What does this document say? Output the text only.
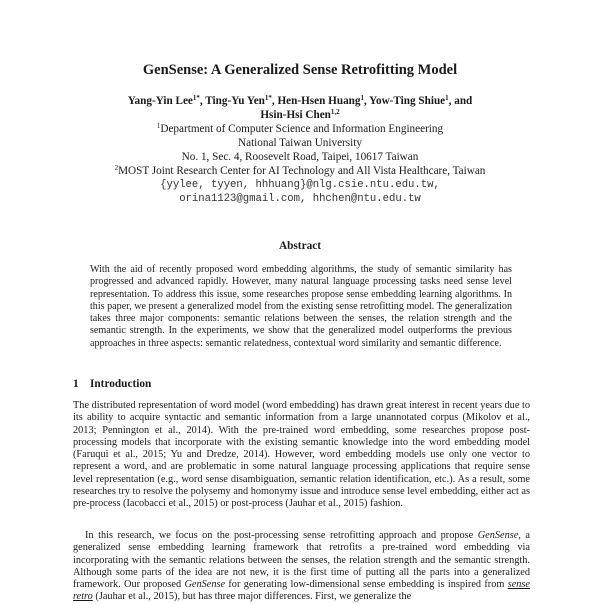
GenSense: A Generalized Sense Retrofitting Model
Yang-Yin Lee$^{1*}$, Ting-Yu Yen$^{1*}$, Hen-Hsen Huang$^1$, Yow-Ting Shiue$^1$, and
Hsin-Hsi Chen$^{1,2}$
$^1$Department of Computer Science and Information Engineering
National Taiwan University
No. 1, Sec. 4, Roosevelt Road, Taipei, 10617 Taiwan
$^2$MOST Joint Research Center for AI Technology and All Vista Healthcare, Taiwan
{yylee, tyyen, hhhuang}@nlg.csie.ntu.edu.tw,
orina1123@gmail.com, hhchen@ntu.edu.tw
Abstract

With the aid of recently proposed word embedding algorithms, the study of semantic similarity has progressed and advanced rapidly. However, many natural language processing tasks need sense level representation. To address this issue, some researches propose sense embedding learning algorithms. In this paper, we present a generalized model from the existing sense retrofitting model. The generalization takes three major components: semantic relations between the senses, the relation strength and the semantic strength. In the experiments, we show that the generalized model outperforms the previous approaches in three aspects: semantic relatedness, contextual word similarity and semantic difference.

1 Introduction

The distributed representation of word model (word embedding) has drawn great interest in recent years due to its ability to acquire syntactic and semantic information from a large unannotated corpus (Mikolov et al., 2013; Pennington et al., 2014). With the pre-trained word embedding, some researches propose post-processing models that incorporate with the existing semantic knowledge into the word embedding model (Faruqui et al., 2015; Yu and Dredze, 2014). However, word embedding models use only one vector to represent a word, and are problematic in some natural language processing applications that require sense level representation (e.g., word sense disambiguation, semantic relation identification, etc.). As a result, some researches try to resolve the polysemy and homonymy issue and introduce sense level embedding, either act as pre-process (Iacobacci et al., 2015) or post-process (Jauhar et al., 2015) fashion.

In this research, we focus on the post-processing sense retrofitting approach and propose GenSense, a generalized sense embedding learning framework that retrofits a pre-trained word embedding via incorporating with the semantic relations between the senses, the relation strength and the semantic strength. Although some parts of the idea are not new, it is the first time of putting all the parts into a generalized framework. Our proposed GenSense for generating low-dimensional sense embedding is inspired from sense retro (Jauhar et al., 2015), but has three major differences. First, we generalize the
